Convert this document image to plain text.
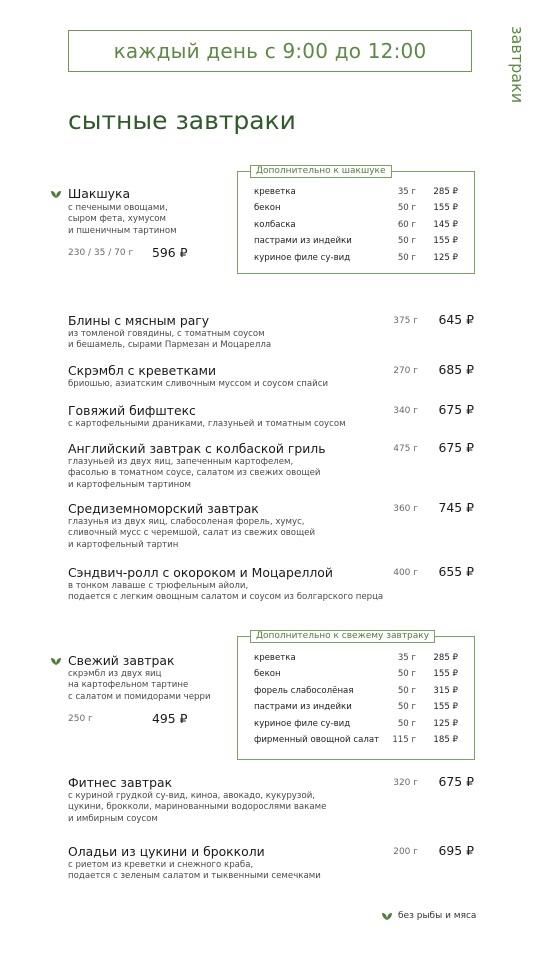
каждый день с 9:00 до 12:00	завтраки
сытные завтраки
Шакшука
с печеными овощами,
сыром фета, хумусом
и пшеничным тартином
230 / 35 / 70 г 596 ₽
Дополнительно к шакшуке
креветка	35 г	285 ₽
бекон	50 г	155 ₽
колбаска	60 г	145 ₽
пастрами из индейки	50 г	155 ₽
куриное филе су-вид	50 г	125 ₽
Блины с мясным рагу
из томленой говядины, с томатным соусом
и бешамель, сырами Пармезан и Моцарелла
375 г	645 ₽
Скрэмбл с креветками
бриошью, азиатским сливочным муссом и соусом спайси
270 г	685 ₽
Говяжий бифштекс
с картофельными драниками, глазуньей и томатным соусом
340 г	675 ₽
Английский завтрак с колбаской гриль
глазуньей из двух яиц, запеченным картофелем,
фасолью в томатном соусе, салатом из свежих овощей
и картофельным тартином
475 г	675 ₽
Средиземноморский завтрак
глазунья из двух яиц, слабосоленая форель, хумус,
сливочный мусс с черемшой, салат из свежих овощей
и картофельный тартин
360 г	745 ₽
Сэндвич-ролл с окороком и Моцареллой
в тонком лаваше с трюфельным айоли,
подается с легким овощным салатом и соусом из болгарского перца
400 г	655 ₽
Свежий завтрак
скрэмбл из двух яиц
на картофельном тартине
с салатом и помидорами черри
250 г	495 ₽
Дополнительно к свежему завтраку
креветка	35 г	285 ₽
бекон	50 г	155 ₽
форель слабосолёная	50 г	315 ₽
пастрами из индейки	50 г	155 ₽
куриное филе су-вид	50 г	125 ₽
фирменный овощной салат	115 г	185 ₽
Фитнес завтрак
с куриной грудкой су-вид, киноа, авокадо, кукурузой,
цукини, брокколи, маринованными водорослями вакаме
и имбирным соусом
320 г	675 ₽
Оладьи из цукини и брокколи
с риетом из креветки и снежного краба,
подается с зеленым салатом и тыквенными семечками
200 г	695 ₽
без рыбы и мяса
